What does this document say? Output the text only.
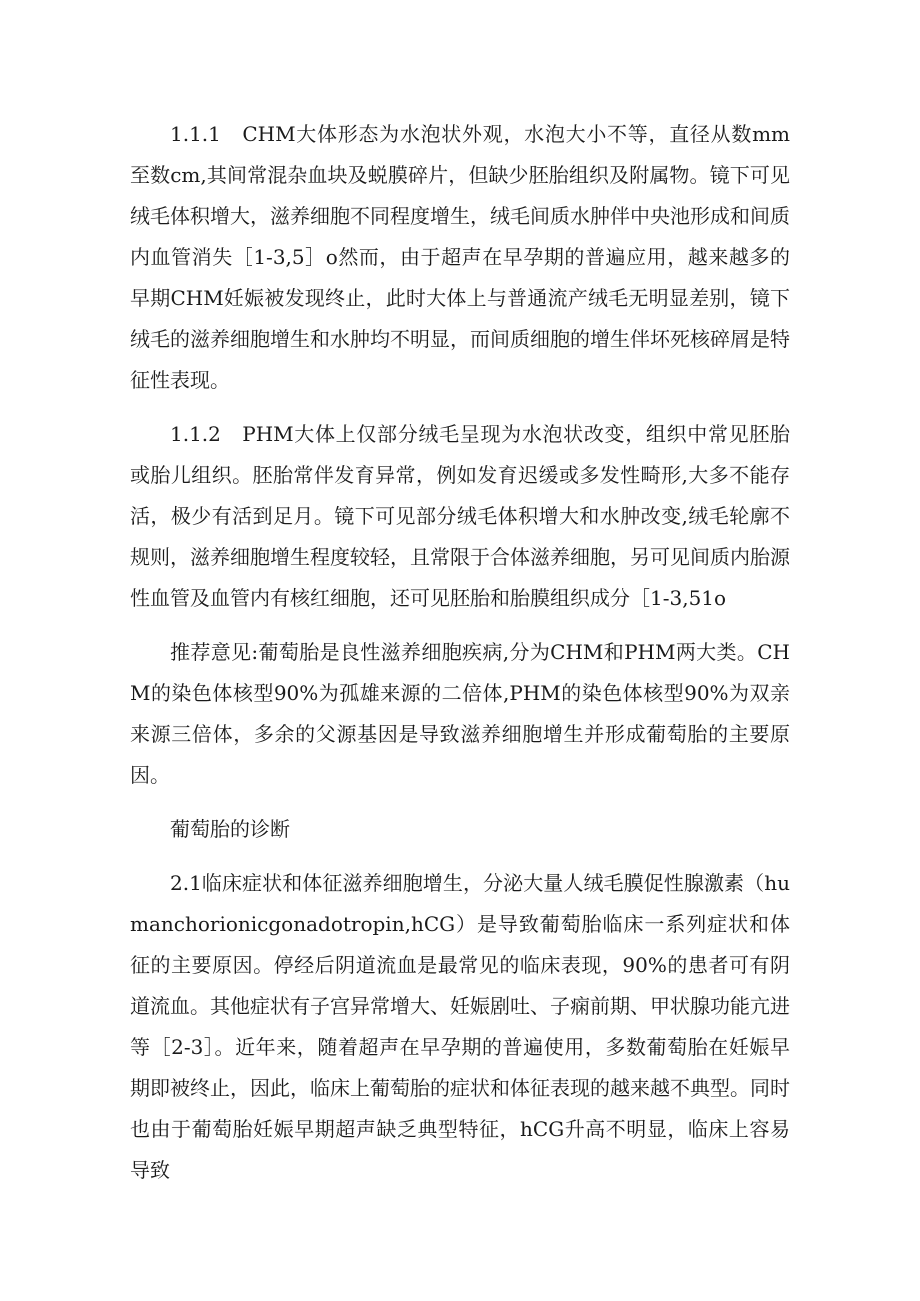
1.1.1　CHM大体形态为水泡状外观，水泡大小不等，直径从数mm至数cm,其间常混杂血块及蜕膜碎片，但缺少胚胎组织及附属物。镜下可见绒毛体积增大，滋养细胞不同程度增生，绒毛间质水肿伴中央池形成和间质内血管消失［1-3,5］o然而，由于超声在早孕期的普遍应用，越来越多的早期CHM妊娠被发现终止，此时大体上与普通流产绒毛无明显差别，镜下绒毛的滋养细胞增生和水肿均不明显，而间质细胞的增生伴坏死核碎屑是特征性表现。

1.1.2　PHM大体上仅部分绒毛呈现为水泡状改变，组织中常见胚胎或胎儿组织。胚胎常伴发育异常，例如发育迟缓或多发性畸形,大多不能存活，极少有活到足月。镜下可见部分绒毛体积增大和水肿改变,绒毛轮廓不规则，滋养细胞增生程度较轻，且常限于合体滋养细胞，另可见间质内胎源性血管及血管内有核红细胞，还可见胚胎和胎膜组织成分［1-3,51o

推荐意见:葡萄胎是良性滋养细胞疾病,分为CHM和PHM两大类。CHM的染色体核型90%为孤雄来源的二倍体,PHM的染色体核型90%为双亲来源三倍体，多余的父源基因是导致滋养细胞增生并形成葡萄胎的主要原因。

葡萄胎的诊断

2.1临床症状和体征滋养细胞增生，分泌大量人绒毛膜促性腺激素（humanchorionicgonadotropin,hCG）是导致葡萄胎临床一系列症状和体征的主要原因。停经后阴道流血是最常见的临床表现，90%的患者可有阴道流血。其他症状有子宫异常增大、妊娠剧吐、子痫前期、甲状腺功能亢进等［2-3］。近年来，随着超声在早孕期的普遍使用，多数葡萄胎在妊娠早期即被终止，因此，临床上葡萄胎的症状和体征表现的越来越不典型。同时也由于葡萄胎妊娠早期超声缺乏典型特征，hCG升高不明显，临床上容易导致
